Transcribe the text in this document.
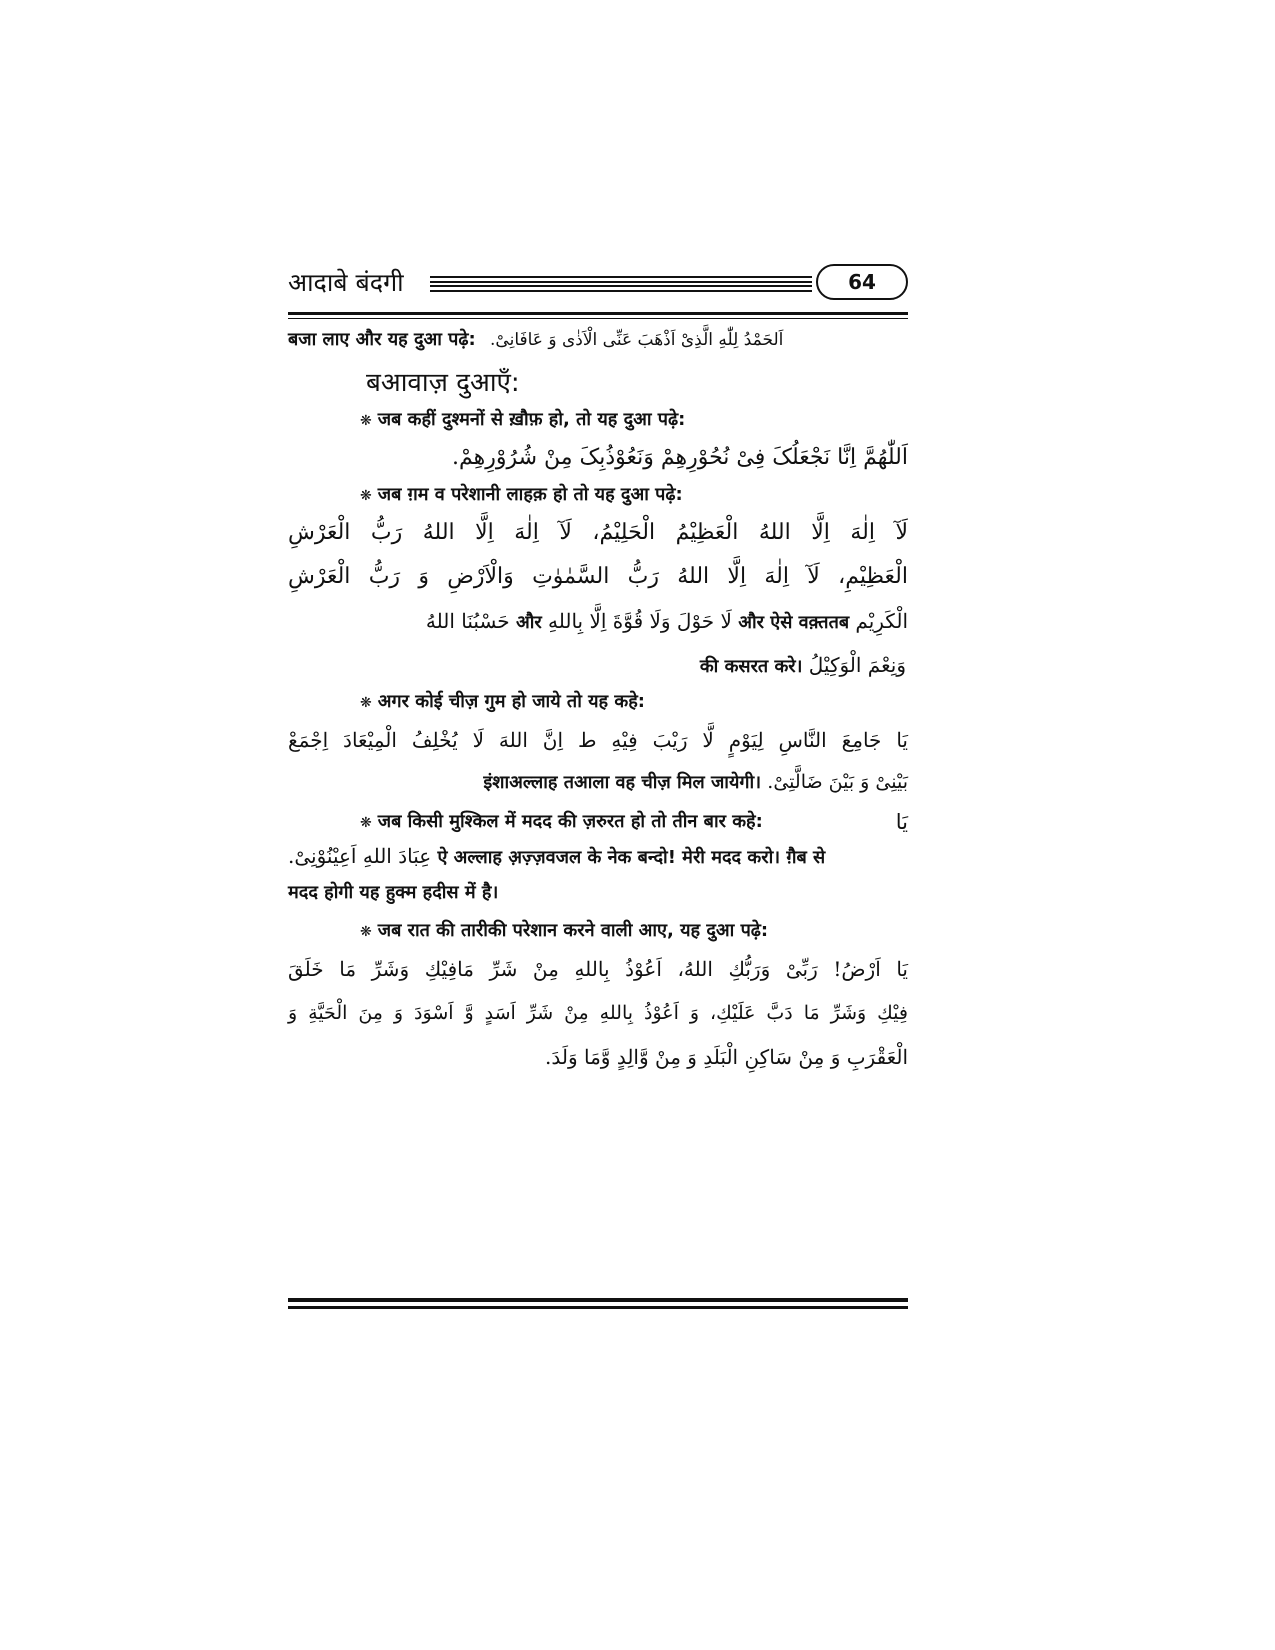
आदाबे बंदगी	64
बजा लाए और यह दुआ पढ़े: اَلحَمْدُ لِلّٰهِ الَّذِیْ اَذْهَبَ عَنِّی الْاَذٰی وَ عَافَانِیْ.
बआवाज़ दुआएँ:
❋ जब कहीं दुश्मनों से ख़ौफ़ हो, तो यह दुआ पढ़े:
اَللّٰھُمَّ اِنَّا نَجْعَلُکَ فِیْ نُحُوْرِھِمْ وَنَعُوْذُبِکَ مِنْ شُرُوْرِھِمْ.
❋ जब ग़म व परेशानी लाहक़ हो तो यह दुआ पढ़े:
لَآ اِلٰهَ اِلَّا اللهُ الْعَظِیْمُ الْحَلِیْمُ، لَآ اِلٰهَ اِلَّا اللهُ رَبُّ الْعَرْشِ
الْعَظِیْمِ، لَآ اِلٰهَ اِلَّا اللهُ رَبُّ السَّمٰوٰتِ وَالْاَرْضِ وَ رَبُّ الْعَرْشِ
حَسْبُنَا اللهُ और لَا حَوْلَ وَلَا قُوَّةَ اِلَّا بِاللهِ और ऐसे वक़्ततब الْکَرِیْم
की कसरत करे। وَنِعْمَ الْوَکِیْلُ
❋ अगर कोई चीज़ गुम हो जाये तो यह कहे:
یَا جَامِعَ النَّاسِ لِیَوْمٍ لَّا رَیْبَ فِیْهِ ط اِنَّ اللهَ لَا یُخْلِفُ الْمِیْعَادَ اِجْمَعْ
इंशाअल्लाह तआला वह चीज़ मिल जायेगी। بَیْنِیْ وَ بَیْنَ ضَالَّتِیْ.
❋ जब किसी मुश्किल में मदद की ज़रुरत हो तो तीन बार कहे:	یَا
عِبَادَ اللهِ اَعِیْنُوْنِیْ. ऐ अल्लाह अ़ज़्ज़वजल के नेक बन्दो! मेरी मदद करो। ग़ैब से
मदद होगी यह हुक्म हदीस में है।
❋ जब रात की तारीकी परेशान करने वाली आए, यह दुआ पढ़े:
یَا اَرْضُ! رَبِّیْ وَرَبُّكِ اللهُ، اَعُوْذُ بِاللهِ مِنْ شَرِّ مَافِیْكِ وَشَرِّ مَا خَلَقَ
فِیْكِ وَشَرِّ مَا دَبَّ عَلَیْكِ، وَ اَعُوْذُ بِاللهِ مِنْ شَرِّ اَسَدٍ وَّ اَسْوَدَ وَ مِنَ الْحَیَّةِ وَ
الْعَقْرَبِ وَ مِنْ سَاكِنِ الْبَلَدِ وَ مِنْ وَّالِدٍ وَّمَا وَلَدَ.
